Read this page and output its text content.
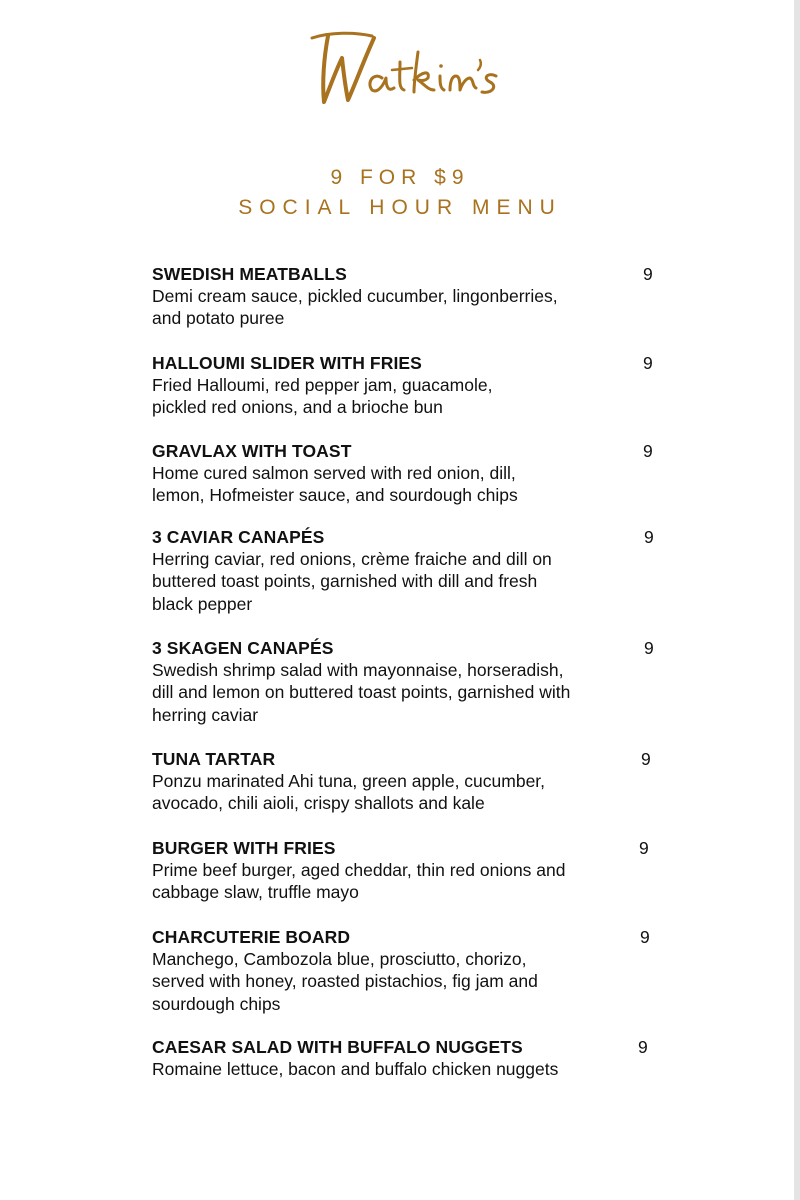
9 FOR $9
SOCIAL HOUR MENU
SWEDISH MEATBALLS
Demi cream sauce, pickled cucumber, lingonberries,
and potato puree
9
HALLOUMI SLIDER WITH FRIES
Fried Halloumi, red pepper jam, guacamole,
pickled red onions, and a brioche bun
9
GRAVLAX WITH TOAST
Home cured salmon served with red onion, dill,
lemon, Hofmeister sauce, and sourdough chips
9
3 CAVIAR CANAPÉS
Herring caviar, red onions, crème fraiche and dill on
buttered toast points, garnished with dill and fresh
black pepper
9
3 SKAGEN CANAPÉS
Swedish shrimp salad with mayonnaise, horseradish,
dill and lemon on buttered toast points, garnished with
herring caviar
9
TUNA TARTAR
Ponzu marinated Ahi tuna, green apple, cucumber,
avocado, chili aioli, crispy shallots and kale
9
BURGER WITH FRIES
Prime beef burger, aged cheddar, thin red onions and
cabbage slaw, truffle mayo
9
CHARCUTERIE BOARD
Manchego, Cambozola blue, prosciutto, chorizo,
served with honey, roasted pistachios, fig jam and
sourdough chips
9
CAESAR SALAD WITH BUFFALO NUGGETS
Romaine lettuce, bacon and buffalo chicken nuggets
9
